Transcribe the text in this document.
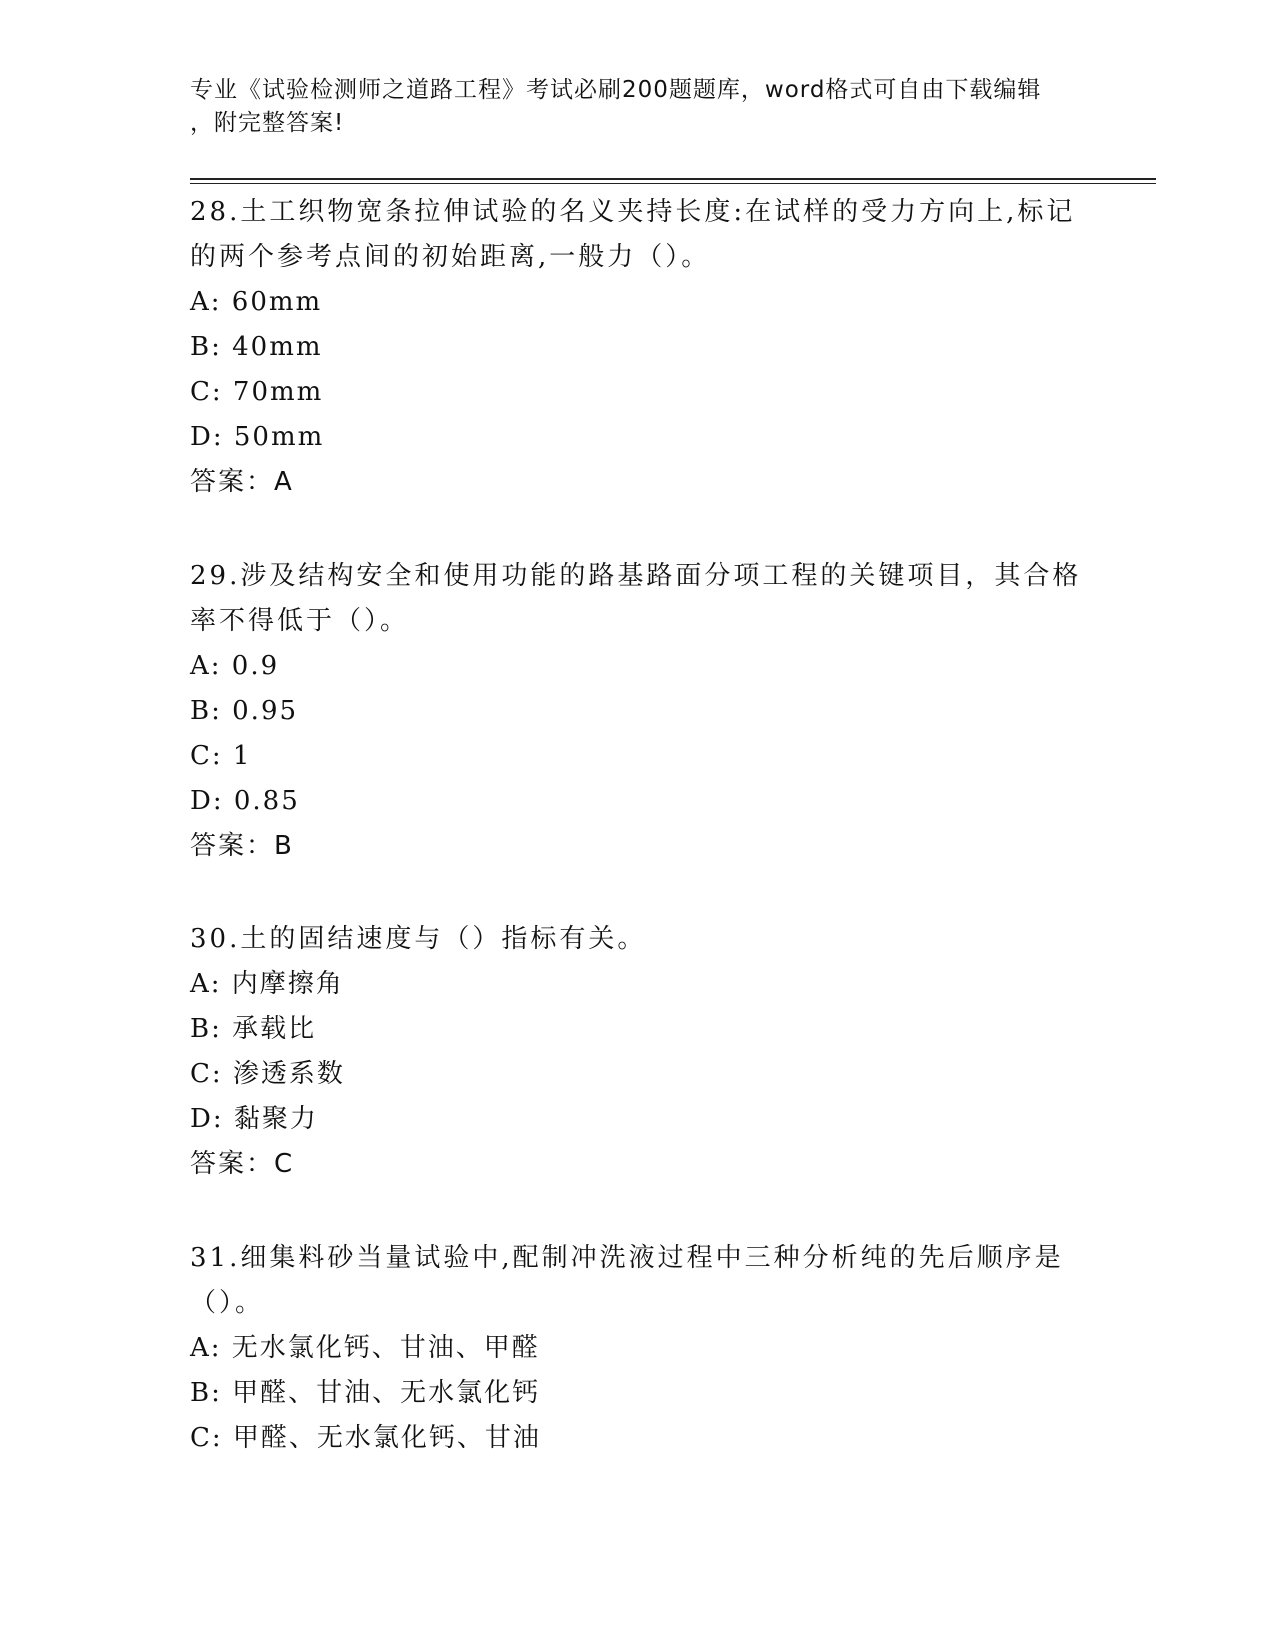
专业《试验检测师之道路工程》考试必刷200题题库，word格式可自由下载编辑
，附完整答案!

28.土工织物宽条拉伸试验的名义夹持长度:在试样的受力方向上,标记

的两个参考点间的初始距离,一般力（）。

A: 60mm

B: 40mm

C: 70mm

D: 50mm

答案：A

29.涉及结构安全和使用功能的路基路面分项工程的关键项目，其合格

率不得低于（）。

A: 0.9

B: 0.95

C: 1

D: 0.85

答案：B

30.土的固结速度与（）指标有关。

A: 内摩擦角

B: 承载比

C: 渗透系数

D: 黏聚力

答案：C

31.细集料砂当量试验中,配制冲洗液过程中三种分析纯的先后顺序是

（）。

A: 无水氯化钙、甘油、甲醛

B: 甲醛、甘油、无水氯化钙

C: 甲醛、无水氯化钙、甘油
